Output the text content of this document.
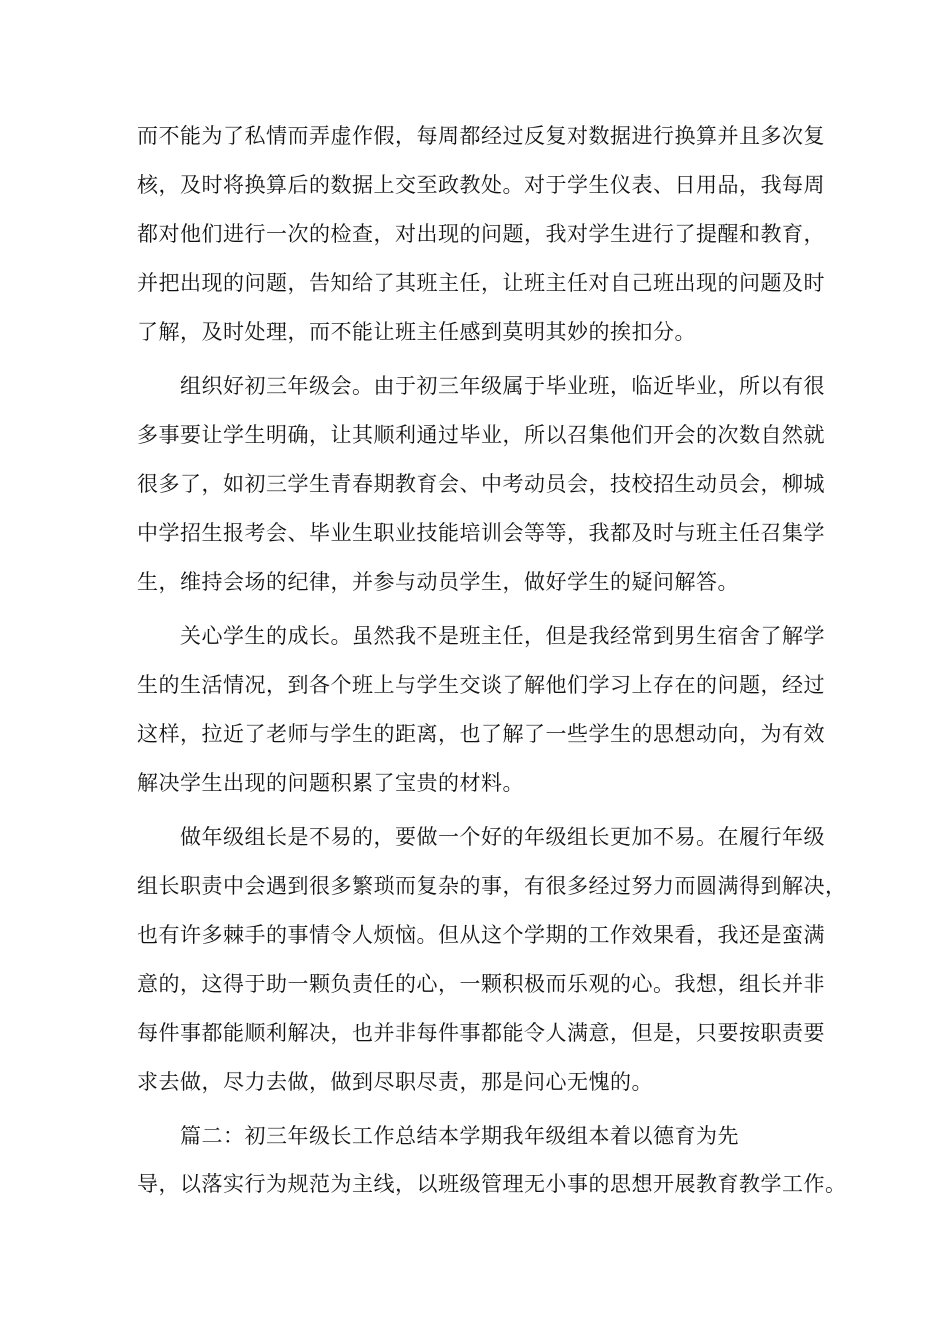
而不能为了私情而弄虚作假，每周都经过反复对数据进行换算并且多次复

核，及时将换算后的数据上交至政教处。对于学生仪表、日用品，我每周

都对他们进行一次的检查，对出现的问题，我对学生进行了提醒和教育，

并把出现的问题，告知给了其班主任，让班主任对自己班出现的问题及时

了解，及时处理，而不能让班主任感到莫明其妙的挨扣分。

组织好初三年级会。由于初三年级属于毕业班，临近毕业，所以有很

多事要让学生明确，让其顺利通过毕业，所以召集他们开会的次数自然就

很多了，如初三学生青春期教育会、中考动员会，技校招生动员会，柳城

中学招生报考会、毕业生职业技能培训会等等，我都及时与班主任召集学

生，维持会场的纪律，并参与动员学生，做好学生的疑问解答。

关心学生的成长。虽然我不是班主任，但是我经常到男生宿舍了解学

生的生活情况，到各个班上与学生交谈了解他们学习上存在的问题，经过

这样，拉近了老师与学生的距离，也了解了一些学生的思想动向，为有效

解决学生出现的问题积累了宝贵的材料。

做年级组长是不易的，要做一个好的年级组长更加不易。在履行年级

组长职责中会遇到很多繁琐而复杂的事，有很多经过努力而圆满得到解决，

也有许多棘手的事情令人烦恼。但从这个学期的工作效果看，我还是蛮满

意的，这得于助一颗负责任的心，一颗积极而乐观的心。我想，组长并非

每件事都能顺利解决，也并非每件事都能令人满意，但是，只要按职责要

求去做，尽力去做，做到尽职尽责，那是问心无愧的。

篇二：初三年级长工作总结本学期我年级组本着以德育为先

导，以落实行为规范为主线，以班级管理无小事的思想开展教育教学工作。
